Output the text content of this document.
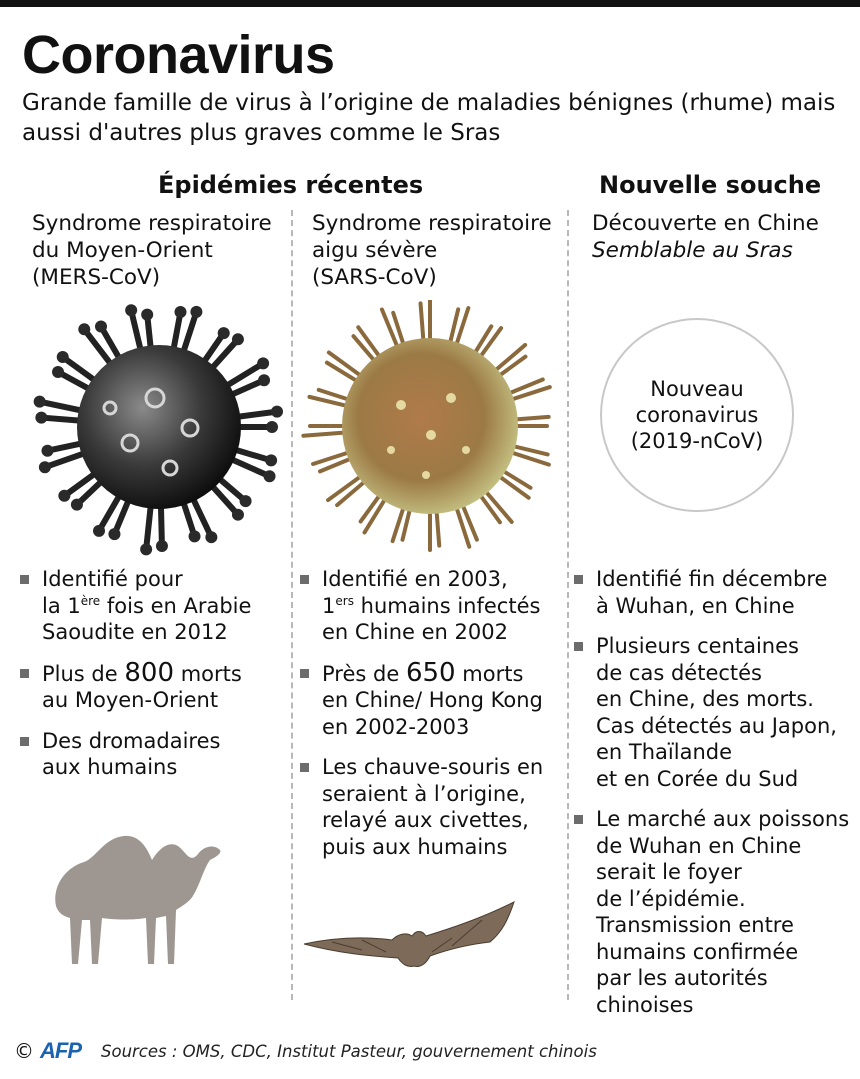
Coronavirus
Grande famille de virus à l’origine de maladies bénignes (rhume) mais aussi d'autres plus graves comme le Sras
Épidémies récentes	Nouvelle souche
Syndrome respiratoire
du Moyen-Orient
(MERS-CoV)
Syndrome respiratoire
aigu sévère
(SARS-CoV)
Découverte en Chine
Semblable au Sras
Nouveau
coronavirus
(2019-nCoV)
Identifié pour
la 1ère fois en Arabie
Saoudite en 2012
Plus de 800 morts
au Moyen-Orient
Des dromadaires
aux humains
Identifié en 2003,
1ers humains infectés
en Chine en 2002
Près de 650 morts
en Chine/ Hong Kong
en 2002-2003
Les chauve-souris en
seraient à l’origine,
relayé aux civettes,
puis aux humains
Identifié fin décembre
à Wuhan, en Chine
Plusieurs centaines
de cas détectés
en Chine, des morts.
Cas détectés au Japon,
en Thaïlande
et en Corée du Sud
Le marché aux poissons
de Wuhan en Chine
serait le foyer
de l’épidémie.
Transmission entre
humains confirmée
par les autorités
chinoises
© AFP Sources : OMS, CDC, Institut Pasteur, gouvernement chinois
